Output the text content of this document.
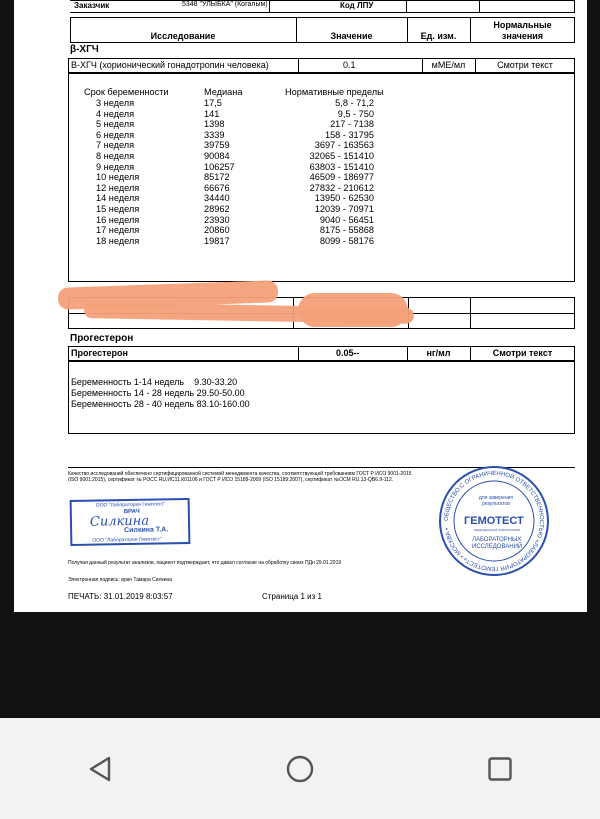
Заказчик	5348 "УЛЫБКА" (Когалым)	Код ЛПУ
Исследование	Значение	Ед. изм.
Нормальные
значения
β-ХГЧ
В-ХГЧ (хорионический гонадотропин человека)	0.1	мМЕ/мл	Смотри текст
Срок беременности	Медиана	Нормативные пределы
3 неделя	17,5	5,8 - 71,2
4 неделя	141	9,5 - 750
5 неделя	1398	217 - 7138
6 неделя	3339	158 - 31795
7 неделя	39759	3697 - 163563
8 неделя	90084	32065 - 151410
9 неделя	106257	63803 - 151410
10 неделя	85172	46509 - 186977
12 неделя	66676	27832 - 210612
14 неделя	34440	13950 - 62530
15 неделя	28962	12039 - 70971
16 неделя	23930	9040 - 56451
17 неделя	20860	8175 - 55868
18 неделя	19817	8099 - 58176
Прогестерон
Прогестерон	0.05--	нг/мл	Смотри текст
Беременность 1-14 недель    9.30-33.20
Беременность 14 - 28 недель 29.50-50.00
Беременность 28 - 40 недель 83.10-160.00
Качество исследований обеспечено сертифицированной системой менеджмента качества, соответствующей требованиям ГОСТ Р ИСО 9001-2015 (ISO 9001:2015), сертификат № РОСС RU.ИС11.К01106 и ГОСТ Р ИСО 15189-2009 (ISO 15189:2007), сертификат №ОСМ RU.13-QB6.9-112.
ООО "Лаборатория Гемотест"
ВРАЧ
Силкина
Силкина Т.А.
ООО "Лаборатория Гемотест"
ОБЩЕСТВО С ОГРАНИЧЕННОЙ ОТВЕТСТВЕННОСТЬЮ «ЛАБОРАТОРИЯ ГЕМОТЕСТ» • МОСКВА •
для заверения результатов
ГЕМОТЕСТ
МЕДИЦИНСКАЯ ЛАБОРАТОРИЯ
ЛАБОРАТОРНЫХ
ИССЛЕДОВАНИЙ
Получая данный результат анализов, пациент подтверждает, что давал согласие на обработку своих ПДн 29.01.2019
Электронная подпись: врач Тамара Силкина
ПЕЧАТЬ: 31.01.2019 8:03:57	Страница 1 из 1
